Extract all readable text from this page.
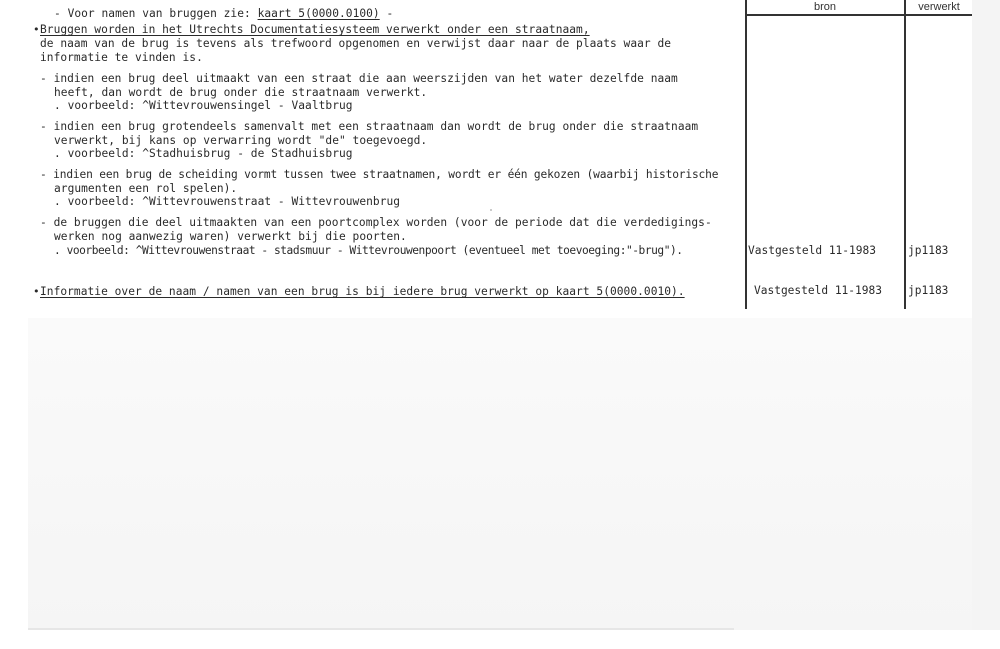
bron	verwerkt
- Voor namen van bruggen zie: kaart 5(0000.0100) -
• Bruggen worden in het Utrechts Documentatiesysteem verwerkt onder een straatnaam,
de naam van de brug is tevens als trefwoord opgenomen en verwijst daar naar de plaats waar de
informatie te vinden is.
- indien een brug deel uitmaakt van een straat die aan weerszijden van het water dezelfde naam
heeft, dan wordt de brug onder die straatnaam verwerkt.
. voorbeeld: ^Wittevrouwensingel - Vaaltbrug
- indien een brug grotendeels samenvalt met een straatnaam dan wordt de brug onder die straatnaam
verwerkt, bij kans op verwarring wordt "de" toegevoegd.
. voorbeeld: ^Stadhuisbrug - de Stadhuisbrug
- indien een brug de scheiding vormt tussen twee straatnamen, wordt er één gekozen (waarbij historische
argumenten een rol spelen).
. voorbeeld: ^Wittevrouwenstraat - Wittevrouwenbrug
- de bruggen die deel uitmaakten van een poortcomplex worden (voor de periode dat die verdedigings-
werken nog aanwezig waren) verwerkt bij die poorten.
. voorbeeld: ^Wittevrouwenstraat - stadsmuur - Wittevrouwenpoort (eventueel met toevoeging:"-brug").	Vastgesteld 11-1983	jp1183
• Informatie over de naam / namen van een brug is bij iedere brug verwerkt op kaart 5(0000.0010).	Vastgesteld 11-1983 jp1183
